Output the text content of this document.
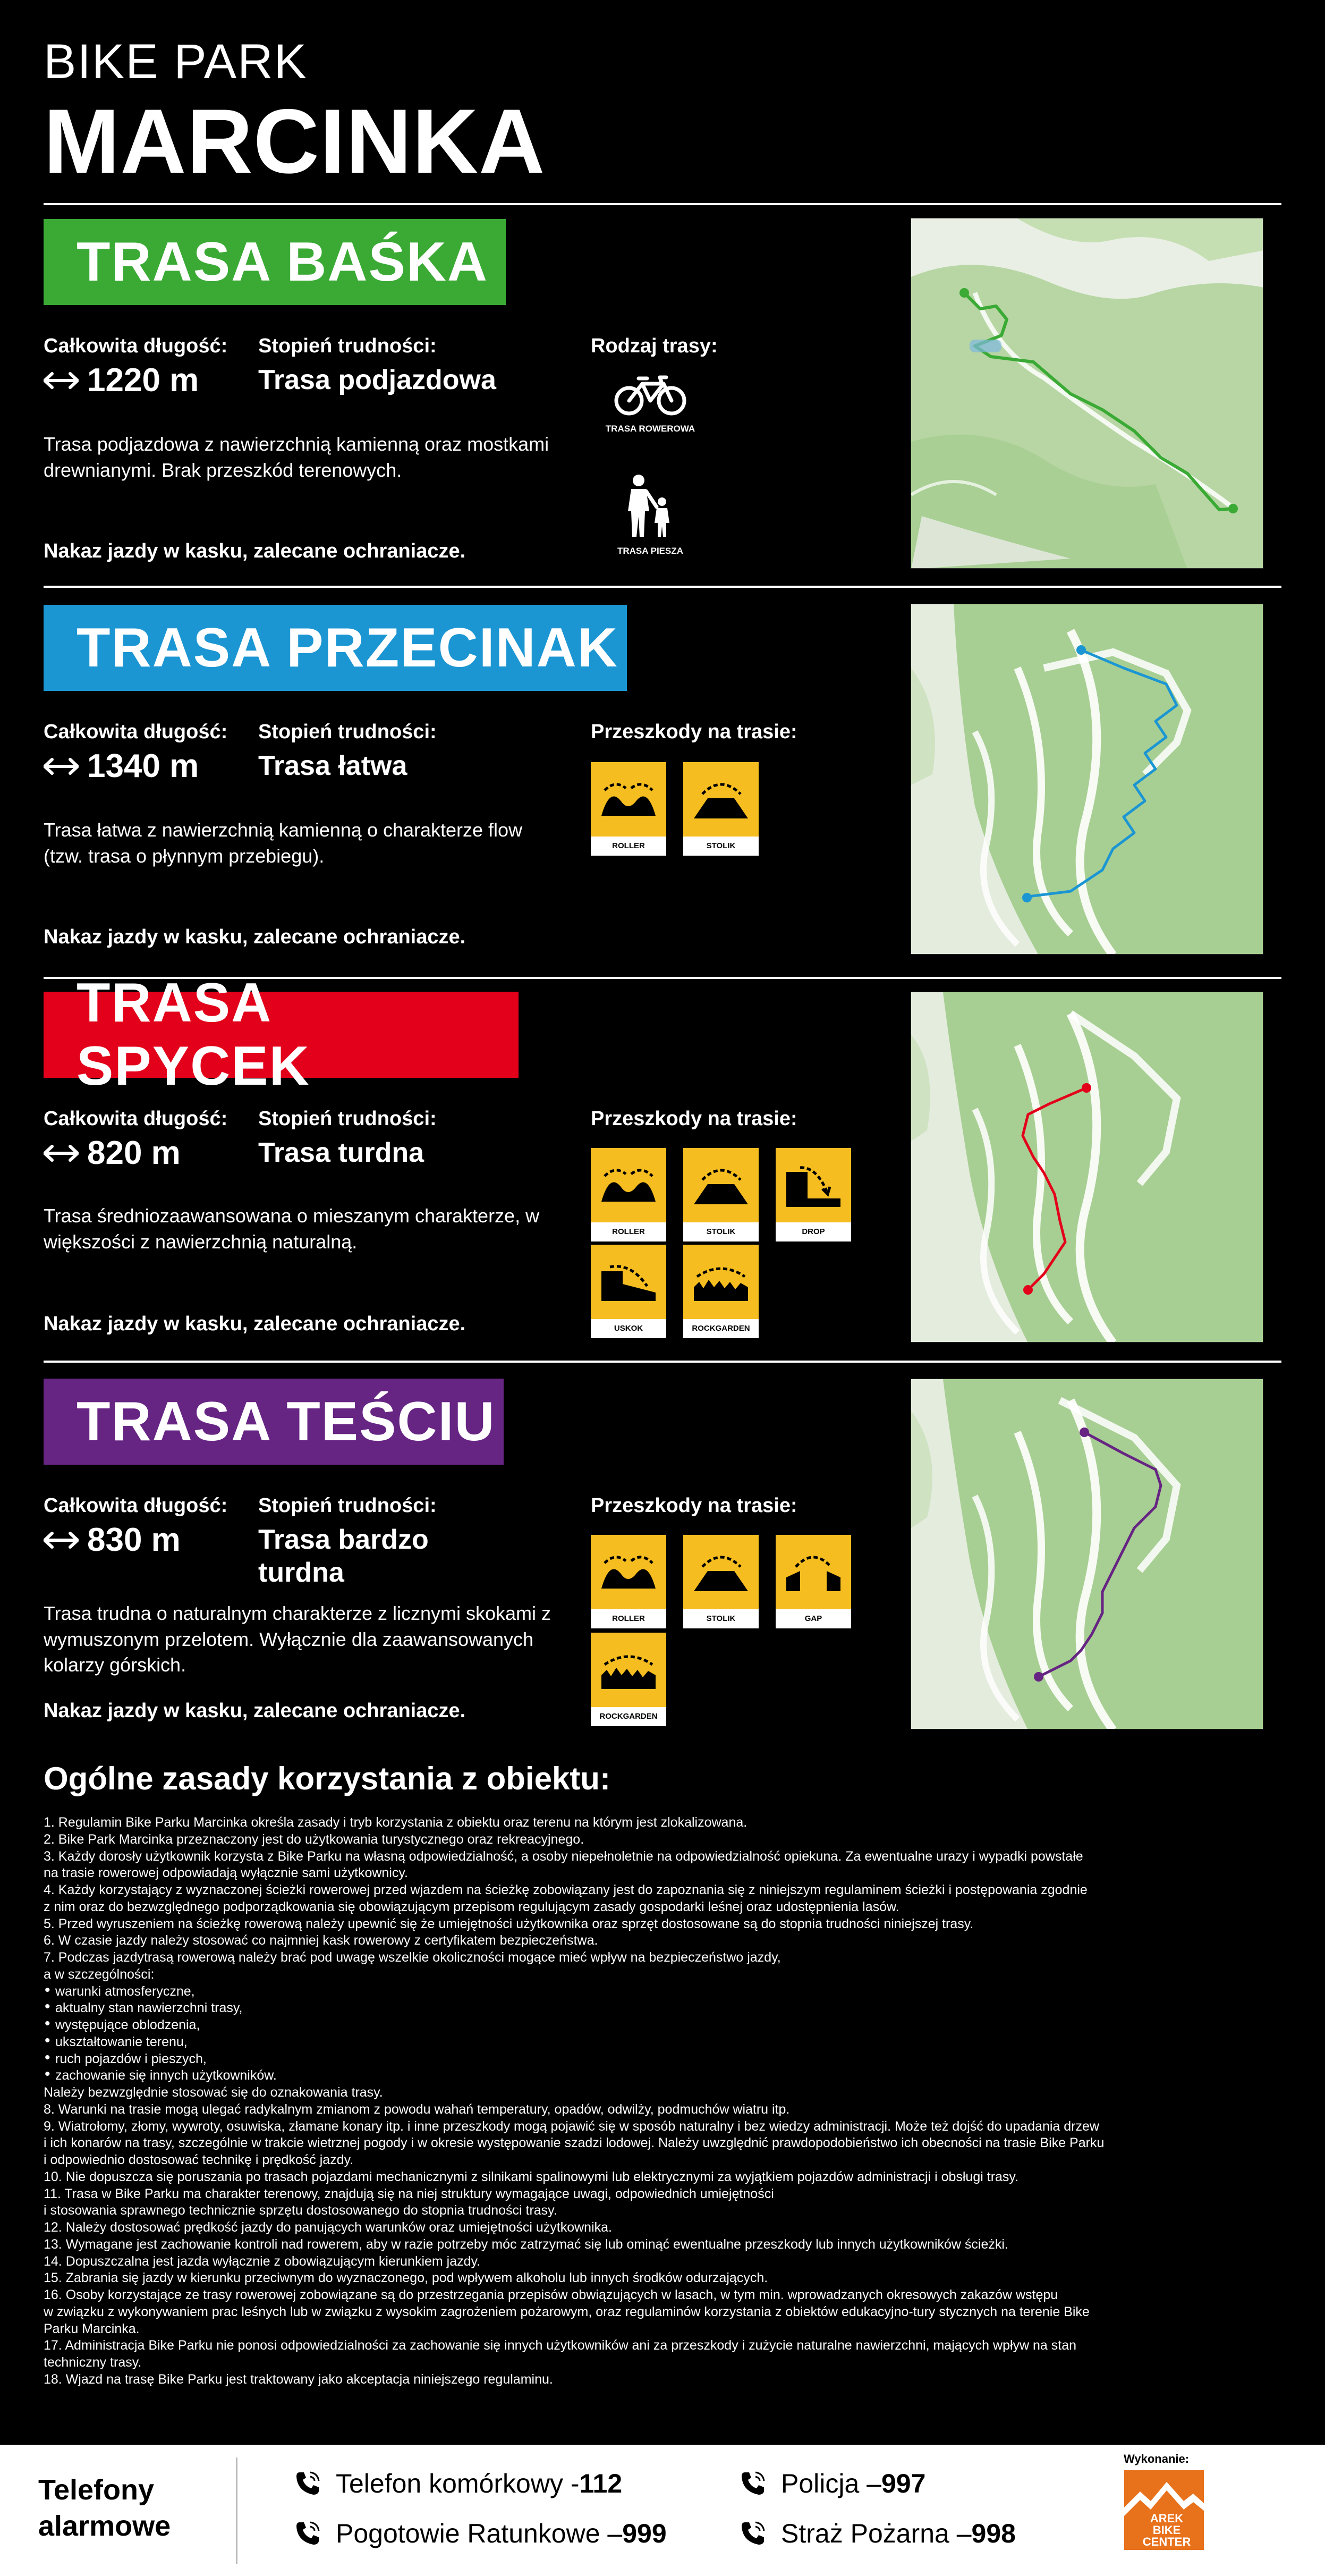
BIKE PARK
MARCINKA
TRASA BAŚKA
Całkowita długość: Stopień trudności:	Rodzaj trasy:
1220 m Trasa podjazdowa
Trasa podjazdowa z nawierzchnią kamienną oraz mostkami drewnianymi. Brak przeszkód terenowych.
Nakaz jazdy w kasku, zalecane ochraniacze.
TRASA ROWEROWA
TRASA PIESZA
TRASA PRZECINAK
Całkowita długość: Stopień trudności:	Przeszkody na trasie:
1340 m Trasa łatwa
Trasa łatwa z nawierzchnią kamienną o charakterze flow (tzw. trasa o płynnym przebiegu).
Nakaz jazdy w kasku, zalecane ochraniacze.
ROLLER	STOLIK
TRASA SPYCEK
Całkowita długość: Stopień trudności:	Przeszkody na trasie:
820 m	Trasa turdna
Trasa średniozaawansowana o mieszanym charakterze, w większości z nawierzchnią naturalną.
Nakaz jazdy w kasku, zalecane ochraniacze.
ROLLER	STOLIK	DROP
USKOK	ROCKGARDEN
TRASA TEŚCIU
Całkowita długość: Stopień trudności:	Przeszkody na trasie:
830 m	Trasa bardzo turdna
Trasa trudna o naturalnym charakterze z licznymi skokami z wymuszonym przelotem. Wyłącznie dla zaawansowanych kolarzy górskich.
Nakaz jazdy w kasku, zalecane ochraniacze.
ROLLER	STOLIK	GAP
ROCKGARDEN
Ogólne zasady korzystania z obiektu:

1. Regulamin Bike Parku Marcinka określa zasady i tryb korzystania z obiektu oraz terenu na którym jest zlokalizowana.

2. Bike Park Marcinka przeznaczony jest do użytkowania turystycznego oraz rekreacyjnego.

3. Każdy dorosły użytkownik korzysta z Bike Parku na własną odpowiedzialność, a osoby niepełnoletnie na odpowiedzialność opiekuna. Za ewentualne urazy i wypadki powstałe

na trasie rowerowej odpowiadają wyłącznie sami użytkownicy.

4. Każdy korzystający z wyznaczonej ścieżki rowerowej przed wjazdem na ścieżkę zobowiązany jest do zapoznania się z niniejszym regulaminem ścieżki i postępowania zgodnie

z nim oraz do bezwzględnego podporządkowania się obowiązującym przepisom regulującym zasady gospodarki leśnej oraz udostępnienia lasów.

5. Przed wyruszeniem na ścieżkę rowerową należy upewnić się że umiejętności użytkownika oraz sprzęt dostosowane są do stopnia trudności niniejszej trasy.

6. W czasie jazdy należy stosować co najmniej kask rowerowy z certyfikatem bezpieczeństwa.

7. Podczas jazdytrasą rowerową należy brać pod uwagę wszelkie okoliczności mogące mieć wpływ na bezpieczeństwo jazdy,

a w szczególności:

• warunki atmosferyczne,

• aktualny stan nawierzchni trasy,

• występujące oblodzenia,

• ukształtowanie terenu,

• ruch pojazdów i pieszych,

• zachowanie się innych użytkowników.

Należy bezwzględnie stosować się do oznakowania trasy.

8. Warunki na trasie mogą ulegać radykalnym zmianom z powodu wahań temperatury, opadów, odwilży, podmuchów wiatru itp.

9. Wiatrołomy, złomy, wywroty, osuwiska, złamane konary itp. i inne przeszkody mogą pojawić się w sposób naturalny i bez wiedzy administracji. Może też dojść do upadania drzew

i ich konarów na trasy, szczególnie w trakcie wietrznej pogody i w okresie występowanie szadzi lodowej. Należy uwzględnić prawdopodobieństwo ich obecności na trasie Bike Parku

i odpowiednio dostosować technikę i prędkość jazdy.

10. Nie dopuszcza się poruszania po trasach pojazdami mechanicznymi z silnikami spalinowymi lub elektrycznymi za wyjątkiem pojazdów administracji i obsługi trasy.

11. Trasa w Bike Parku ma charakter terenowy, znajdują się na niej struktury wymagające uwagi, odpowiednich umiejętności

i stosowania sprawnego technicznie sprzętu dostosowanego do stopnia trudności trasy.

12. Należy dostosować prędkość jazdy do panujących warunków oraz umiejętności użytkownika.

13. Wymagane jest zachowanie kontroli nad rowerem, aby w razie potrzeby móc zatrzymać się lub ominąć ewentualne przeszkody lub innych użytkowników ścieżki.

14. Dopuszczalna jest jazda wyłącznie z obowiązującym kierunkiem jazdy.

15. Zabrania się jazdy w kierunku przeciwnym do wyznaczonego, pod wpływem alkoholu lub innych środków odurzających.

16. Osoby korzystające ze trasy rowerowej zobowiązane są do przestrzegania przepisów obwiązujących w lasach, w tym min. wprowadzanych okresowych zakazów wstępu

w związku z wykonywaniem prac leśnych lub w związku z wysokim zagrożeniem pożarowym, oraz regulaminów korzystania z obiektów edukacyjno-tury stycznych na terenie Bike

Parku Marcinka.

17. Administracja Bike Parku nie ponosi odpowiedzialności za zachowanie się innych użytkowników ani za przeszkody i zużycie naturalne nawierzchni, mających wpływ na stan

techniczny trasy.

18. Wjazd na trasę Bike Parku jest traktowany jako akceptacja niniejszego regulaminu.

Telefony
alarmowe
Telefon komórkowy - 112
Pogotowie Ratunkowe – 999
Policja – 997
Straż Pożarna – 998
Wykonanie:
AREK
BIKE
CENTER
